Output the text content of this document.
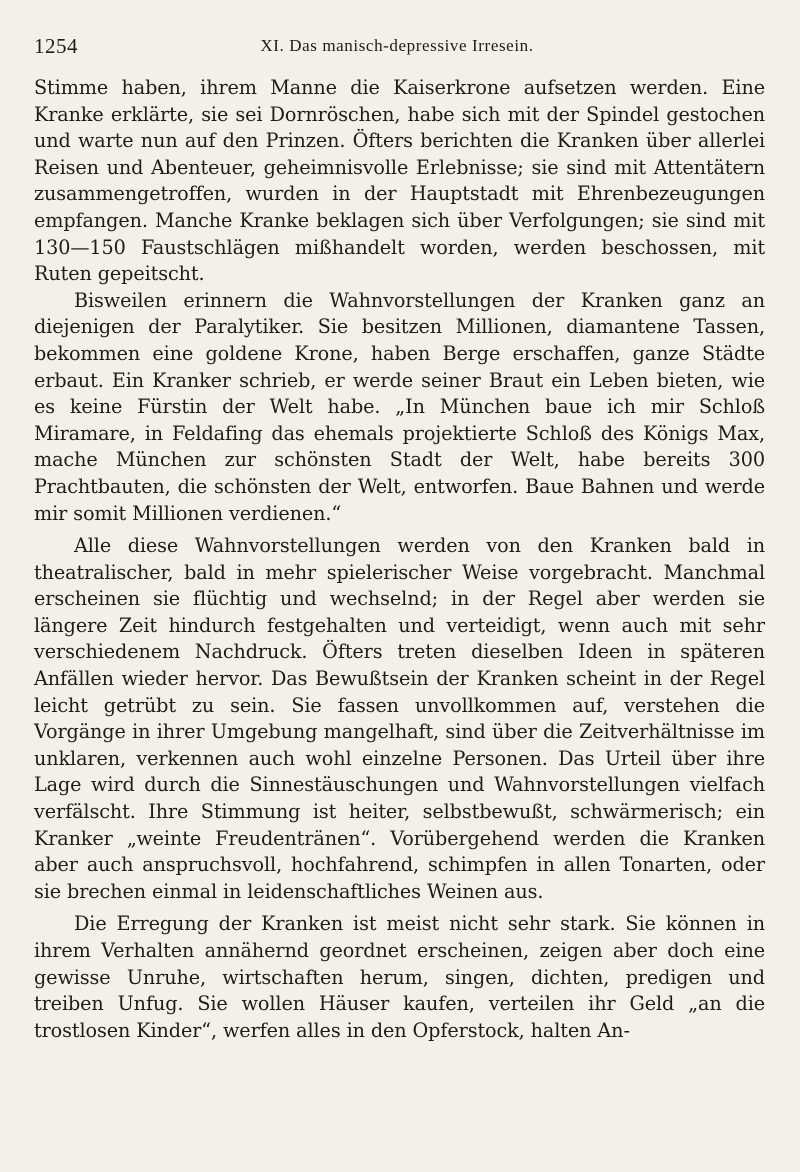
1254	XI. Das manisch-depressive Irresein.

Stimme haben, ihrem Manne die Kaiserkrone aufsetzen werden. Eine Kranke erklärte, sie sei Dornröschen, habe sich mit der Spindel gestochen und warte nun auf den Prinzen. Öfters berichten die Kranken über allerlei Reisen und Abenteuer, geheimnisvolle Erlebnisse; sie sind mit Attentätern zusammengetroffen, wurden in der Hauptstadt mit Ehrenbezeugungen empfangen. Manche Kranke beklagen sich über Verfolgungen; sie sind mit 130—150 Faustschlägen mißhandelt worden, werden beschossen, mit Ruten gepeitscht.

Bisweilen erinnern die Wahnvorstellungen der Kranken ganz an diejenigen der Paralytiker. Sie besitzen Millionen, diamantene Tassen, bekommen eine goldene Krone, haben Berge erschaffen, ganze Städte erbaut. Ein Kranker schrieb, er werde seiner Braut ein Leben bieten, wie es keine Fürstin der Welt habe. „In München baue ich mir Schloß Miramare, in Feldafing das ehemals projektierte Schloß des Königs Max, mache München zur schönsten Stadt der Welt, habe bereits 300 Prachtbauten, die schönsten der Welt, entworfen. Baue Bahnen und werde mir somit Millionen verdienen.“

Alle diese Wahnvorstellungen werden von den Kranken bald in theatralischer, bald in mehr spielerischer Weise vorgebracht. Manchmal erscheinen sie flüchtig und wechselnd; in der Regel aber werden sie längere Zeit hindurch festgehalten und verteidigt, wenn auch mit sehr verschiedenem Nachdruck. Öfters treten dieselben Ideen in späteren Anfällen wieder hervor. Das Bewußtsein der Kranken scheint in der Regel leicht getrübt zu sein. Sie fassen unvollkommen auf, verstehen die Vorgänge in ihrer Umgebung mangelhaft, sind über die Zeitverhältnisse im unklaren, verkennen auch wohl einzelne Personen. Das Urteil über ihre Lage wird durch die Sinnestäuschungen und Wahnvorstellungen vielfach verfälscht. Ihre Stimmung ist heiter, selbstbewußt, schwärmerisch; ein Kranker „weinte Freudentränen“. Vorübergehend werden die Kranken aber auch anspruchsvoll, hochfahrend, schimpfen in allen Tonarten, oder sie brechen einmal in leidenschaftliches Weinen aus.

Die Erregung der Kranken ist meist nicht sehr stark. Sie können in ihrem Verhalten annähernd geordnet erscheinen, zeigen aber doch eine gewisse Unruhe, wirtschaften herum, singen, dichten, predigen und treiben Unfug. Sie wollen Häuser kaufen, verteilen ihr Geld „an die trostlosen Kinder“, werfen alles in den Opferstock, halten An-
